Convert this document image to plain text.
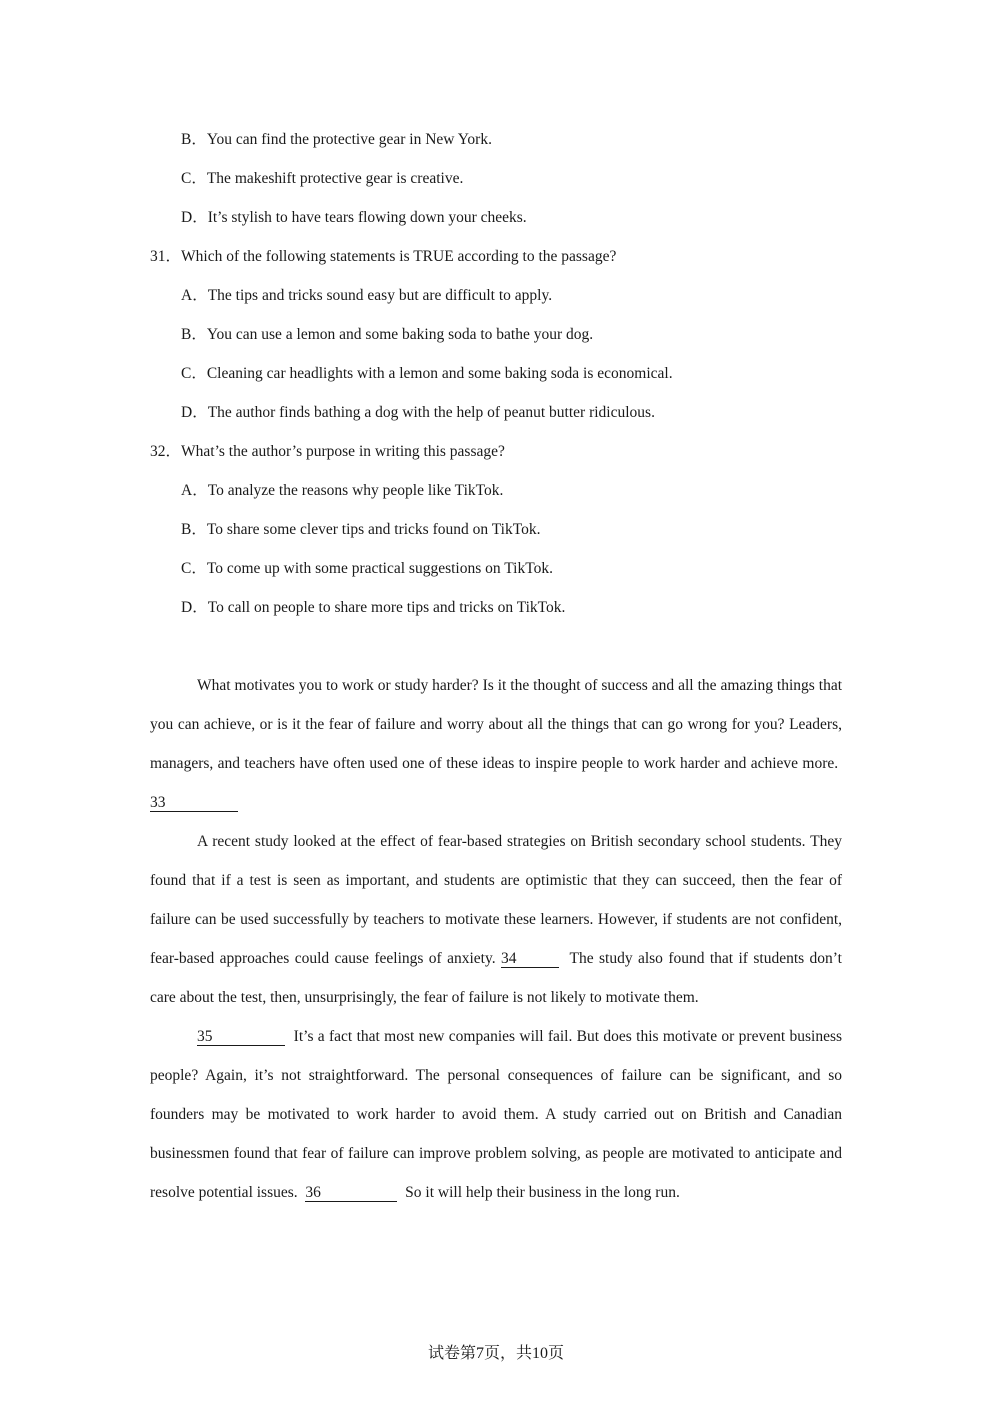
B．You can find the protective gear in New York.
C．The makeshift protective gear is creative.
D．It’s stylish to have tears flowing down your cheeks.
31．Which of the following statements is TRUE according to the passage?
A．The tips and tricks sound easy but are difficult to apply.
B．You can use a lemon and some baking soda to bathe your dog.
C．Cleaning car headlights with a lemon and some baking soda is economical.
D．The author finds bathing a dog with the help of peanut butter ridiculous.
32．What’s the author’s purpose in writing this passage?
A．To analyze the reasons why people like TikTok.
B．To share some clever tips and tricks found on TikTok.
C．To come up with some practical suggestions on TikTok.
D．To call on people to share more tips and tricks on TikTok.

What motivates you to work or study harder? Is it the thought of success and all the amazing things that you can achieve, or is it the fear of failure and worry about all the things that can go wrong for you? Leaders, managers, and teachers have often used one of these ideas to inspire people to work harder and achieve more.  33

A recent study looked at the effect of fear-based strategies on British secondary school students. They found that if a test is seen as important, and students are optimistic that they can succeed, then the fear of failure can be used successfully by teachers to motivate these learners. However, if students are not confident, fear-based approaches could cause feelings of anxiety. 34	The study also found that if students don’t care about the test, then, unsurprisingly, the fear of failure is not likely to motivate them.

35	It’s a fact that most new companies will fail. But does this motivate or prevent business people? Again, it’s not straightforward. The personal consequences of failure can be significant, and so founders may be motivated to work harder to avoid them. A study carried out on British and Canadian businessmen found that fear of failure can improve problem solving, as people are motivated to anticipate and resolve potential issues. 36	So it will help their business in the long run.

试卷第7页，共10页
